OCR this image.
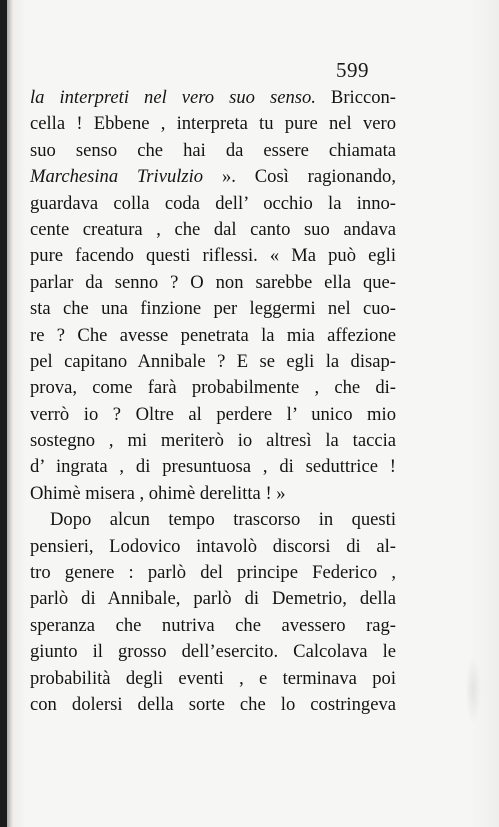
599
la interpreti nel vero suo senso. Briccon-
cella ! Ebbene , interpreta tu pure nel vero
suo senso che hai da essere chiamata
Marchesina Trivulzio ». Così ragionando,
guardava colla coda dell’ occhio la inno-
cente creatura , che dal canto suo andava
pure facendo questi riflessi. « Ma può egli
parlar da senno ? O non sarebbe ella que-
sta che una finzione per leggermi nel cuo-
re ? Che avesse penetrata la mia affezione
pel capitano Annibale ? E se egli la disap-
prova, come farà probabilmente , che di-
verrò io ? Oltre al perdere l’ unico mio
sostegno , mi meriterò io altresì la taccia
d’ ingrata , di presuntuosa , di seduttrice !
Ohimè misera , ohimè derelitta ! »
Dopo alcun tempo trascorso in questi
pensieri, Lodovico intavolò discorsi di al-
tro genere : parlò del principe Federico ,
parlò di Annibale, parlò di Demetrio, della
speranza che nutriva che avessero rag-
giunto il grosso dell’esercito. Calcolava le
probabilità degli eventi , e terminava poi
con dolersi della sorte che lo costringeva
